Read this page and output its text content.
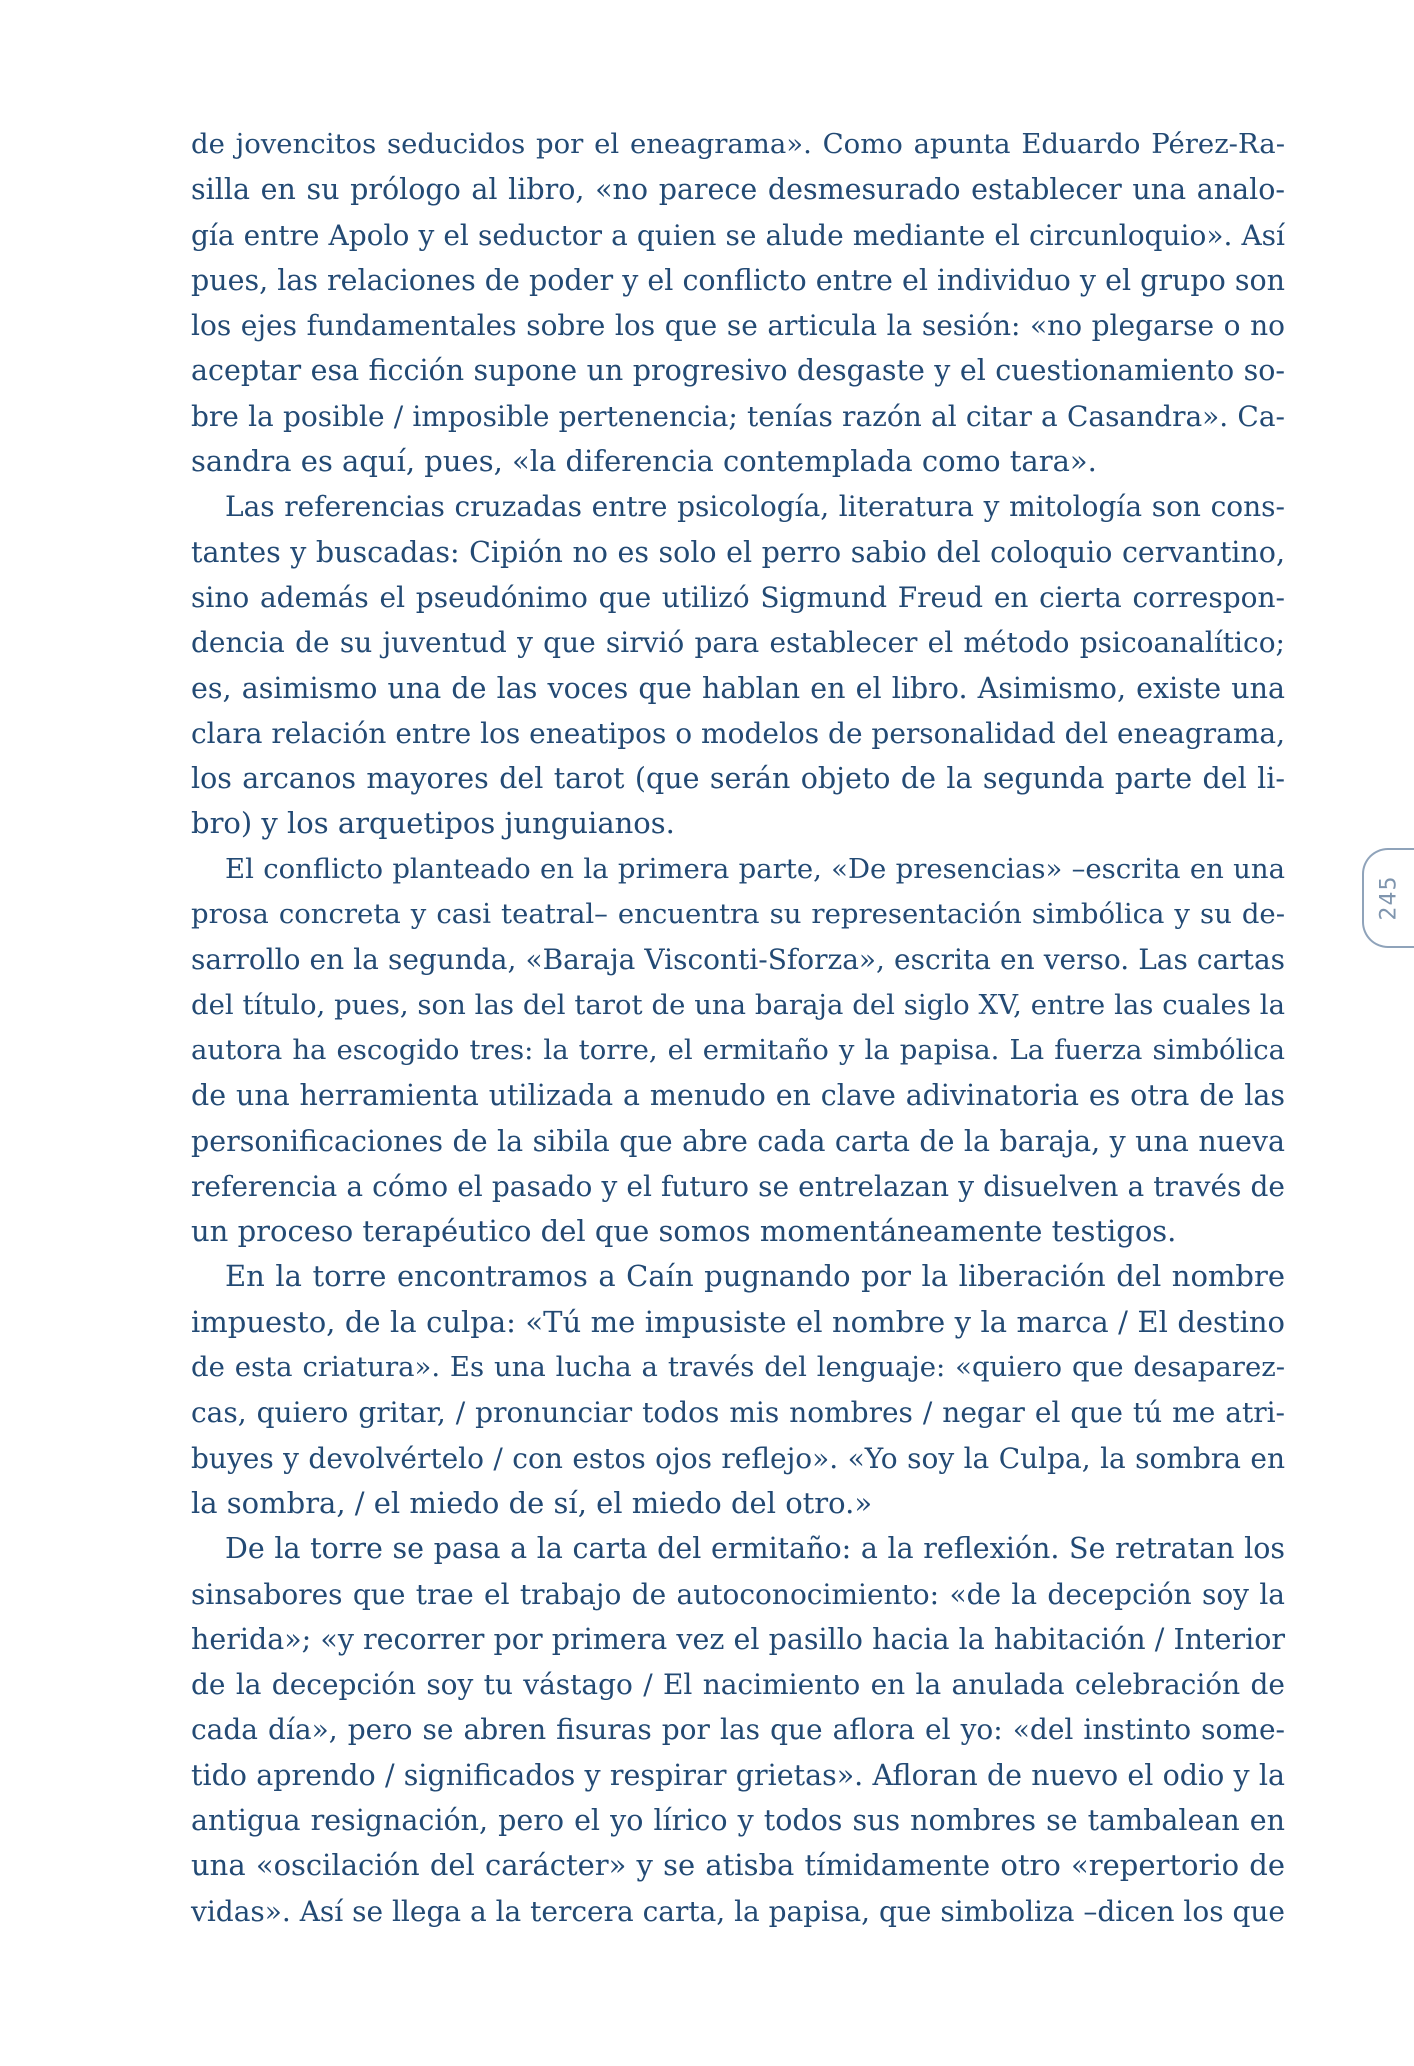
de jovencitos seducidos por el eneagrama». Como apunta Eduardo Pérez-Ra-
silla en su prólogo al libro, «no parece desmesurado establecer una analo-
gía entre Apolo y el seductor a quien se alude mediante el circunloquio». Así
pues, las relaciones de poder y el conflicto entre el individuo y el grupo son
los ejes fundamentales sobre los que se articula la sesión: «no plegarse o no
aceptar esa ficción supone un progresivo desgaste y el cuestionamiento so-
bre la posible / imposible pertenencia; tenías razón al citar a Casandra». Ca-
sandra es aquí, pues, «la diferencia contemplada como tara».
Las referencias cruzadas entre psicología, literatura y mitología son cons-
tantes y buscadas: Cipión no es solo el perro sabio del coloquio cervantino,
sino además el pseudónimo que utilizó Sigmund Freud en cierta correspon-
dencia de su juventud y que sirvió para establecer el método psicoanalítico;
es, asimismo una de las voces que hablan en el libro. Asimismo, existe una
clara relación entre los eneatipos o modelos de personalidad del eneagrama,
los arcanos mayores del tarot (que serán objeto de la segunda parte del li-
bro) y los arquetipos junguianos.
El conflicto planteado en la primera parte, «De presencias» –escrita en una
prosa concreta y casi teatral– encuentra su representación simbólica y su de-
sarrollo en la segunda, «Baraja Visconti-Sforza», escrita en verso. Las cartas
del título, pues, son las del tarot de una baraja del siglo XV, entre las cuales la
autora ha escogido tres: la torre, el ermitaño y la papisa. La fuerza simbólica
de una herramienta utilizada a menudo en clave adivinatoria es otra de las
personificaciones de la sibila que abre cada carta de la baraja, y una nueva
referencia a cómo el pasado y el futuro se entrelazan y disuelven a través de
un proceso terapéutico del que somos momentáneamente testigos.
En la torre encontramos a Caín pugnando por la liberación del nombre
impuesto, de la culpa: «Tú me impusiste el nombre y la marca / El destino
de esta criatura». Es una lucha a través del lenguaje: «quiero que desaparez-
cas, quiero gritar, / pronunciar todos mis nombres / negar el que tú me atri-
buyes y devolvértelo / con estos ojos reflejo». «Yo soy la Culpa, la sombra en
la sombra, / el miedo de sí, el miedo del otro.»
De la torre se pasa a la carta del ermitaño: a la reflexión. Se retratan los
sinsabores que trae el trabajo de autoconocimiento: «de la decepción soy la
herida»; «y recorrer por primera vez el pasillo hacia la habitación / Interior
de la decepción soy tu vástago / El nacimiento en la anulada celebración de
cada día», pero se abren fisuras por las que aflora el yo: «del instinto some-
tido aprendo / significados y respirar grietas». Afloran de nuevo el odio y la
antigua resignación, pero el yo lírico y todos sus nombres se tambalean en
una «oscilación del carácter» y se atisba tímidamente otro «repertorio de
vidas». Así se llega a la tercera carta, la papisa, que simboliza –dicen los que
245
